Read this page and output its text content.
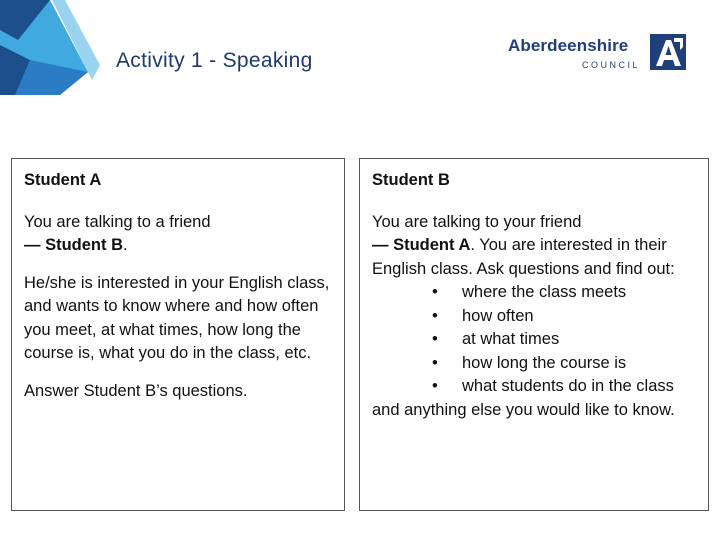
Activity 1 - Speaking
Aberdeenshire
COUNCIL
Student A
You are talking to a friend
— Student B.
He/she is interested in your English class, and wants to know where and how often you meet, at what times, how long the course is, what you do in the class, etc.
Answer Student B’s questions.
Student B
You are talking to your friend
— Student A. You are interested in their English class. Ask questions and find out:
• where the class meets
• how often
• at what times
• how long the course is
• what students do in the class
and anything else you would like to know.
